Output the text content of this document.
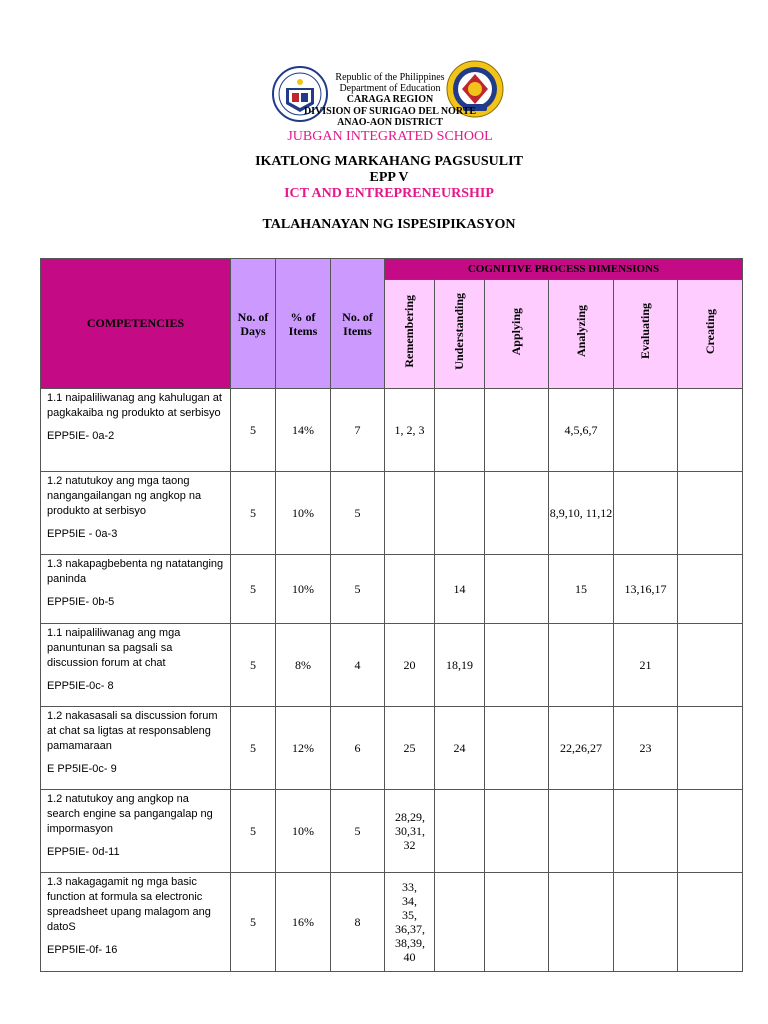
Republic of the Philippines

Department of Education

CARAGA REGION

DIVISION OF SURIGAO DEL NORTE

ANAO-AON DISTRICT

JUBGAN INTEGRATED SCHOOL

IKATLONG MARKAHANG PAGSUSULIT

EPP V

ICT AND ENTREPRENEURSHIP

TALAHANAYAN NG ISPESIPIKASYON

COMPETENCIES	No. of Days	% of Items	No. of Items	COGNITIVE PROCESS DIMENSIONS					
				Remembering	Understanding	Applying	Analyzing	Evaluating	Creating
1.1 naipaliliwanag ang kahulugan at pagkakaiba ng produkto at serbisyo
EPP5IE- 0a-2	5	14%	7	1, 2, 3			4,5,6,7		
1.2 natutukoy ang mga taong nangangailangan ng angkop na produkto at serbisyo
EPP5IE - 0a-3	5	10%	5				8,9,10, 11,12		
1.3 nakapagbebenta ng natatanging paninda
EPP5IE- 0b-5	5	10%	5		14		15	13,16,17	
1.1 naipaliliwanag ang mga panuntunan sa pagsali sa discussion forum at chat
EPP5IE-0c- 8	5	8%	4	20	18,19			21	
1.2 nakasasali sa discussion forum at chat sa ligtas at responsableng pamamaraan
E PP5IE-0c- 9	5	12%	6	25	24		22,26,27	23	
1.2 natutukoy ang angkop na search engine sa pangangalap ng impormasyon
EPP5IE- 0d-11	5	10%	5	28,29, 30,31, 32					
1.3 nakagagamit ng mga basic function at formula sa electronic spreadsheet upang malagom ang datoS
EPP5IE-0f- 16	5	16%	8	33, 34, 35, 36,37, 38,39, 40					
